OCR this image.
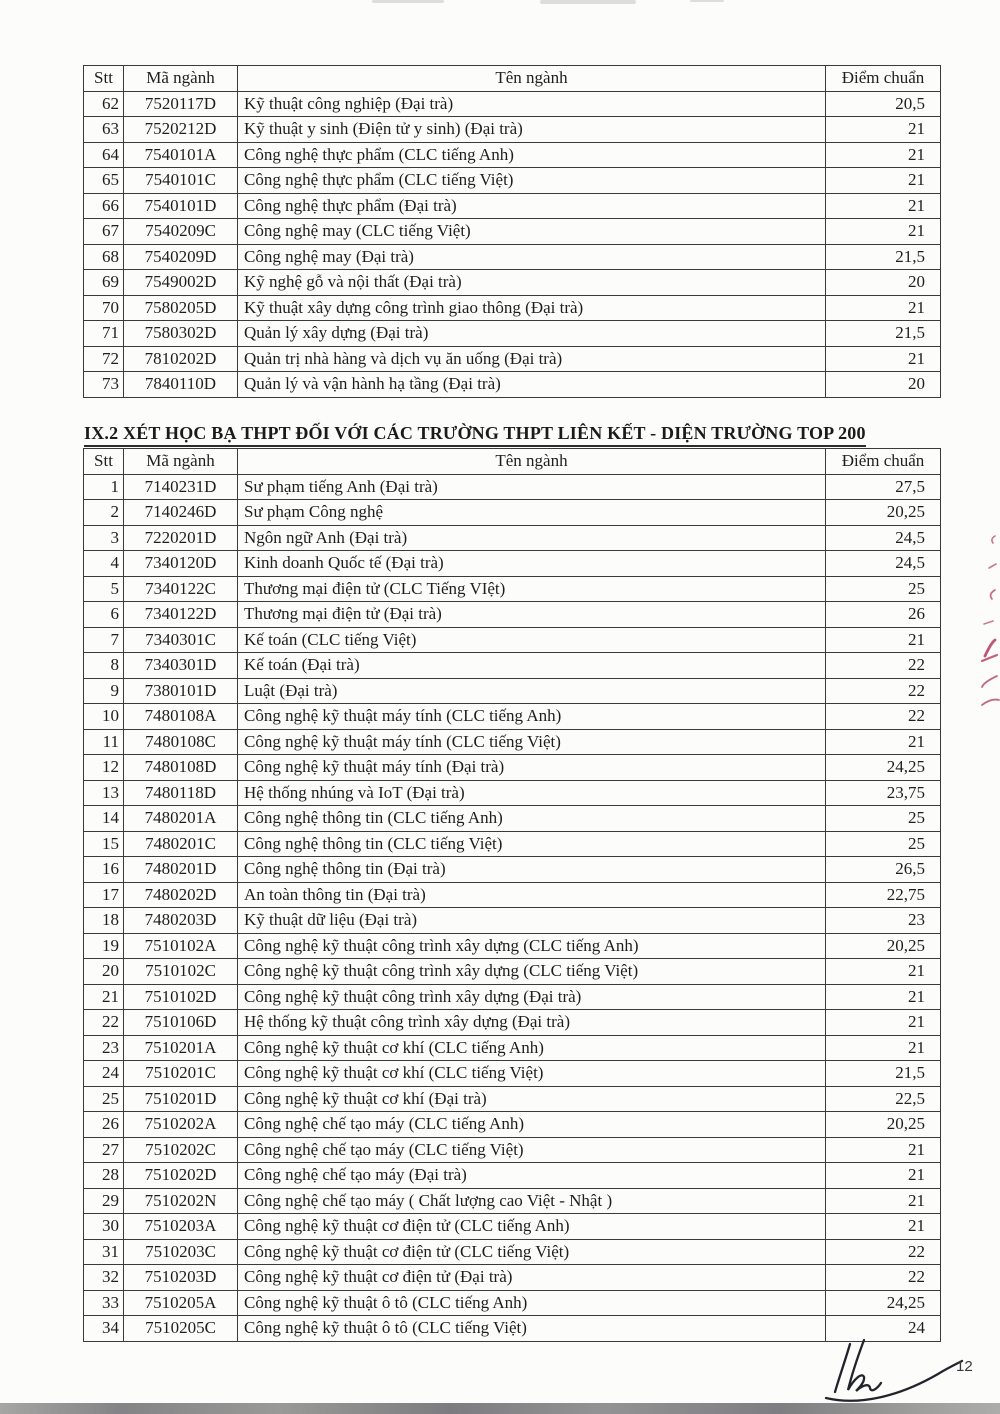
Stt	Mã ngành	Tên ngành	Điểm chuẩn
62	7520117D	Kỹ thuật công nghiệp (Đại trà)	20,5
63	7520212D	Kỹ thuật y sinh (Điện tử y sinh) (Đại trà)	21
64	7540101A	Công nghệ thực phẩm (CLC tiếng Anh)	21
65	7540101C	Công nghệ thực phẩm (CLC tiếng Việt)	21
66	7540101D	Công nghệ thực phẩm (Đại trà)	21
67	7540209C	Công nghệ may (CLC tiếng Việt)	21
68	7540209D	Công nghệ may (Đại trà)	21,5
69	7549002D	Kỹ nghệ gỗ và nội thất (Đại trà)	20
70	7580205D	Kỹ thuật xây dựng công trình giao thông (Đại trà)	21
71	7580302D	Quản lý xây dựng (Đại trà)	21,5
72	7810202D	Quản trị nhà hàng và dịch vụ ăn uống (Đại trà)	21
73	7840110D	Quản lý và vận hành hạ tầng (Đại trà)	20
IX.2 XÉT HỌC BẠ THPT ĐỐI VỚI CÁC TRƯỜNG THPT LIÊN KẾT - DIỆN TRƯỜNG TOP 200
Stt	Mã ngành	Tên ngành	Điểm chuẩn
1	7140231D	Sư phạm tiếng Anh (Đại trà)	27,5
2	7140246D	Sư phạm Công nghệ	20,25
3	7220201D	Ngôn ngữ Anh (Đại trà)	24,5
4	7340120D	Kinh doanh Quốc tế (Đại trà)	24,5
5	7340122C	Thương mại điện tử (CLC Tiếng VIệt)	25
6	7340122D	Thương mại điện tử (Đại trà)	26
7	7340301C	Kế toán (CLC tiếng Việt)	21
8	7340301D	Kế toán (Đại trà)	22
9	7380101D	Luật (Đại trà)	22
10	7480108A	Công nghệ kỹ thuật máy tính (CLC tiếng Anh)	22
11	7480108C	Công nghệ kỹ thuật máy tính (CLC tiếng Việt)	21
12	7480108D	Công nghệ kỹ thuật máy tính (Đại trà)	24,25
13	7480118D	Hệ thống nhúng và IoT (Đại trà)	23,75
14	7480201A	Công nghệ thông tin (CLC tiếng Anh)	25
15	7480201C	Công nghệ thông tin (CLC tiếng Việt)	25
16	7480201D	Công nghệ thông tin (Đại trà)	26,5
17	7480202D	An toàn thông tin (Đại trà)	22,75
18	7480203D	Kỹ thuật dữ liệu (Đại trà)	23
19	7510102A	Công nghệ kỹ thuật công trình xây dựng (CLC tiếng Anh)	20,25
20	7510102C	Công nghệ kỹ thuật công trình xây dựng (CLC tiếng Việt)	21
21	7510102D	Công nghệ kỹ thuật công trình xây dựng (Đại trà)	21
22	7510106D	Hệ thống kỹ thuật công trình xây dựng (Đại trà)	21
23	7510201A	Công nghệ kỹ thuật cơ khí (CLC tiếng Anh)	21
24	7510201C	Công nghệ kỹ thuật cơ khí (CLC tiếng Việt)	21,5
25	7510201D	Công nghệ kỹ thuật cơ khí (Đại trà)	22,5
26	7510202A	Công nghệ chế tạo máy (CLC tiếng Anh)	20,25
27	7510202C	Công nghệ chế tạo máy (CLC tiếng Việt)	21
28	7510202D	Công nghệ chế tạo máy (Đại trà)	21
29	7510202N	Công nghệ chế tạo máy ( Chất lượng cao Việt - Nhật )	21
30	7510203A	Công nghệ kỹ thuật cơ điện tử (CLC tiếng Anh)	21
31	7510203C	Công nghệ kỹ thuật cơ điện tử (CLC tiếng Việt)	22
32	7510203D	Công nghệ kỹ thuật cơ điện tử (Đại trà)	22
33	7510205A	Công nghệ kỹ thuật ô tô (CLC tiếng Anh)	24,25
34	7510205C	Công nghệ kỹ thuật ô tô (CLC tiếng Việt)	24
12
